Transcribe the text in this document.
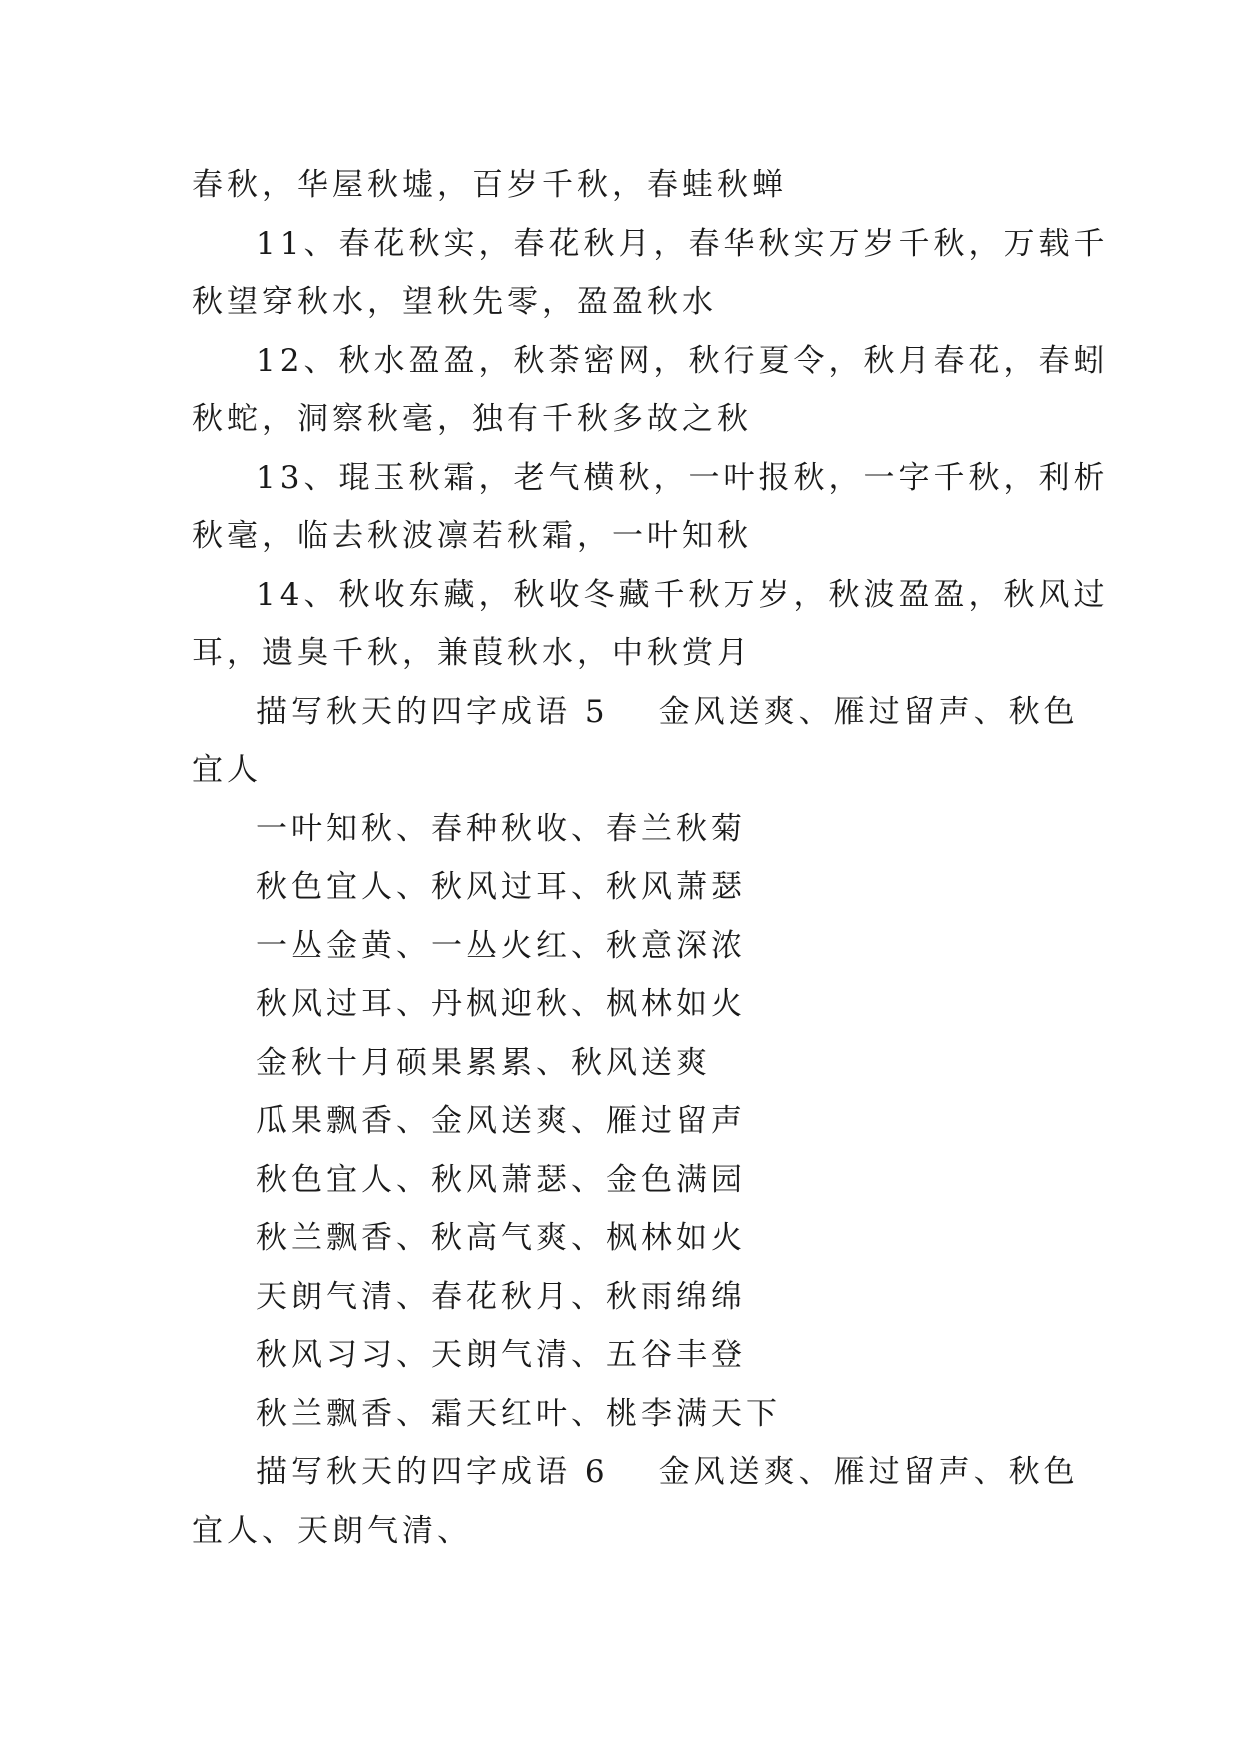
春秋，华屋秋墟，百岁千秋，春蛙秋蝉
11、春花秋实，春花秋月，春华秋实万岁千秋，万载千
秋望穿秋水，望秋先零，盈盈秋水
12、秋水盈盈，秋荼密网，秋行夏令，秋月春花，春蚓
秋蛇，洞察秋毫，独有千秋多故之秋
13、琨玉秋霜，老气横秋，一叶报秋，一字千秋，利析
秋毫，临去秋波凛若秋霜，一叶知秋
14、秋收东藏，秋收冬藏千秋万岁，秋波盈盈，秋风过
耳，遗臭千秋，兼葭秋水，中秋赏月
描写秋天的四字成语 5 金风送爽、雁过留声、秋色
宜人
一叶知秋、春种秋收、春兰秋菊
秋色宜人、秋风过耳、秋风萧瑟
一丛金黄、一丛火红、秋意深浓
秋风过耳、丹枫迎秋、枫林如火
金秋十月硕果累累、秋风送爽
瓜果飘香、金风送爽、雁过留声
秋色宜人、秋风萧瑟、金色满园
秋兰飘香、秋高气爽、枫林如火
天朗气清、春花秋月、秋雨绵绵
秋风习习、天朗气清、五谷丰登
秋兰飘香、霜天红叶、桃李满天下
描写秋天的四字成语 6 金风送爽、雁过留声、秋色
宜人、天朗气清、
